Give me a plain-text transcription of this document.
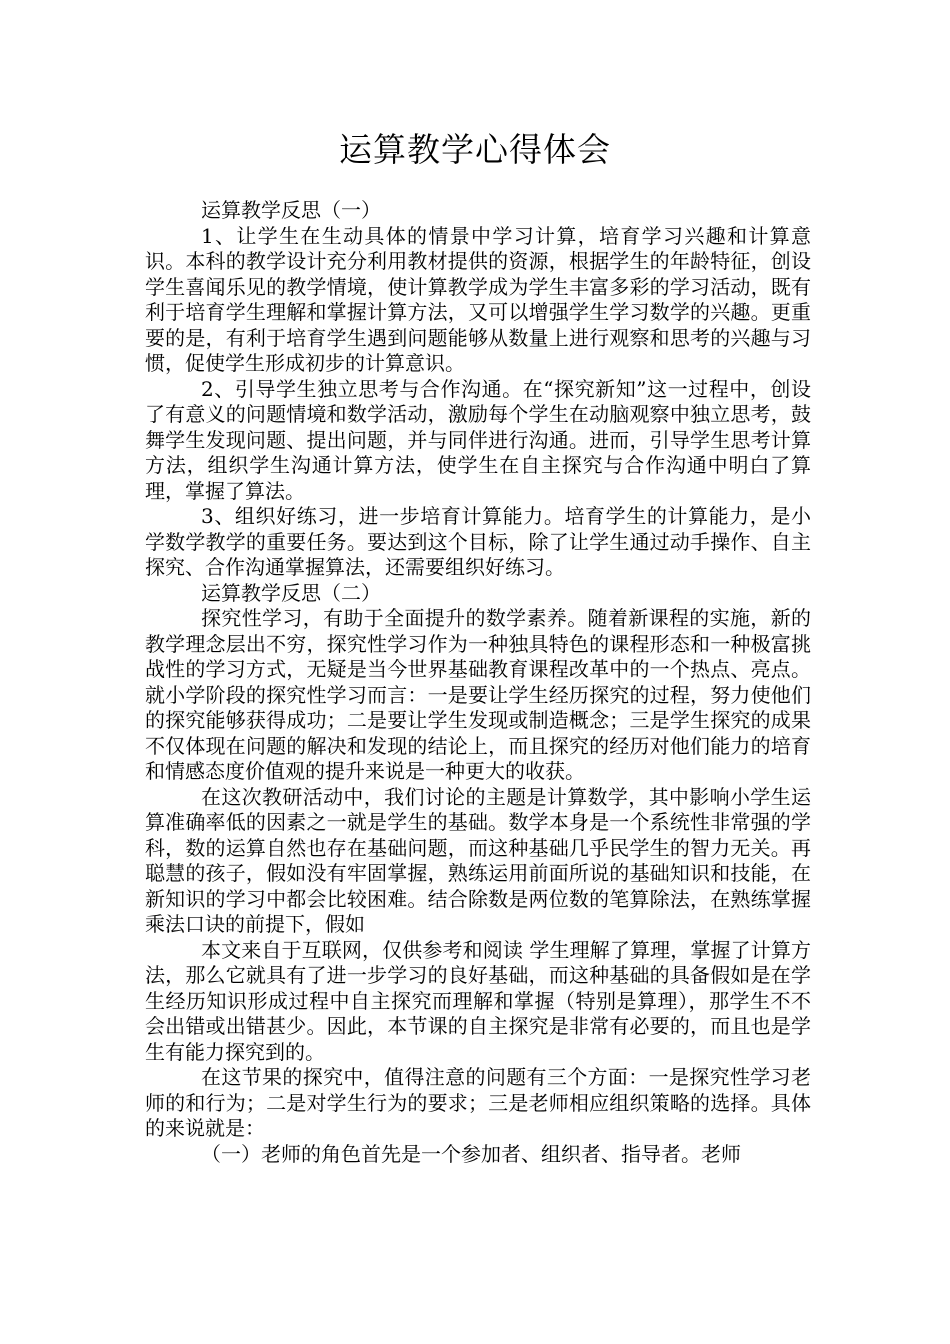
运算教学心得体会

运算教学反思（一）

1、让学生在生动具体的情景中学习计算，培育学习兴趣和计算意识。本科的教学设计充分利用教材提供的资源，根据学生的年龄特征，创设学生喜闻乐见的教学情境，使计算教学成为学生丰富多彩的学习活动，既有利于培育学生理解和掌握计算方法，又可以增强学生学习数学的兴趣。更重要的是，有利于培育学生遇到问题能够从数量上进行观察和思考的兴趣与习惯，促使学生形成初步的计算意识。

2、引导学生独立思考与合作沟通。在“探究新知”这一过程中，创设了有意义的问题情境和数学活动，激励每个学生在动脑观察中独立思考，鼓舞学生发现问题、提出问题，并与同伴进行沟通。进而，引导学生思考计算方法，组织学生沟通计算方法，使学生在自主探究与合作沟通中明白了算理，掌握了算法。

3、组织好练习，进一步培育计算能力。培育学生的计算能力，是小学数学教学的重要任务。要达到这个目标，除了让学生通过动手操作、自主探究、合作沟通掌握算法，还需要组织好练习。

运算教学反思（二）

探究性学习，有助于全面提升的数学素养。随着新课程的实施，新的教学理念层出不穷，探究性学习作为一种独具特色的课程形态和一种极富挑战性的学习方式，无疑是当今世界基础教育课程改革中的一个热点、亮点。就小学阶段的探究性学习而言：一是要让学生经历探究的过程，努力使他们的探究能够获得成功；二是要让学生发现或制造概念；三是学生探究的成果不仅体现在问题的解决和发现的结论上，而且探究的经历对他们能力的培育和情感态度价值观的提升来说是一种更大的收获。

在这次教研活动中，我们讨论的主题是计算数学，其中影响小学生运算准确率低的因素之一就是学生的基础。数学本身是一个系统性非常强的学科，数的运算自然也存在基础问题，而这种基础几乎民学生的智力无关。再聪慧的孩子，假如没有牢固掌握，熟练运用前面所说的基础知识和技能，在新知识的学习中都会比较困难。结合除数是两位数的笔算除法，在熟练掌握乘法口诀的前提下，假如

本文来自于互联网，仅供参考和阅读 学生理解了算理，掌握了计算方法，那么它就具有了进一步学习的良好基础，而这种基础的具备假如是在学生经历知识形成过程中自主探究而理解和掌握（特别是算理），那学生不不会出错或出错甚少。因此，本节课的自主探究是非常有必要的，而且也是学生有能力探究到的。

在这节果的探究中，值得注意的问题有三个方面：一是探究性学习老师的和行为；二是对学生行为的要求；三是老师相应组织策略的选择。具体的来说就是：

（一）老师的角色首先是一个参加者、组织者、指导者。老师
